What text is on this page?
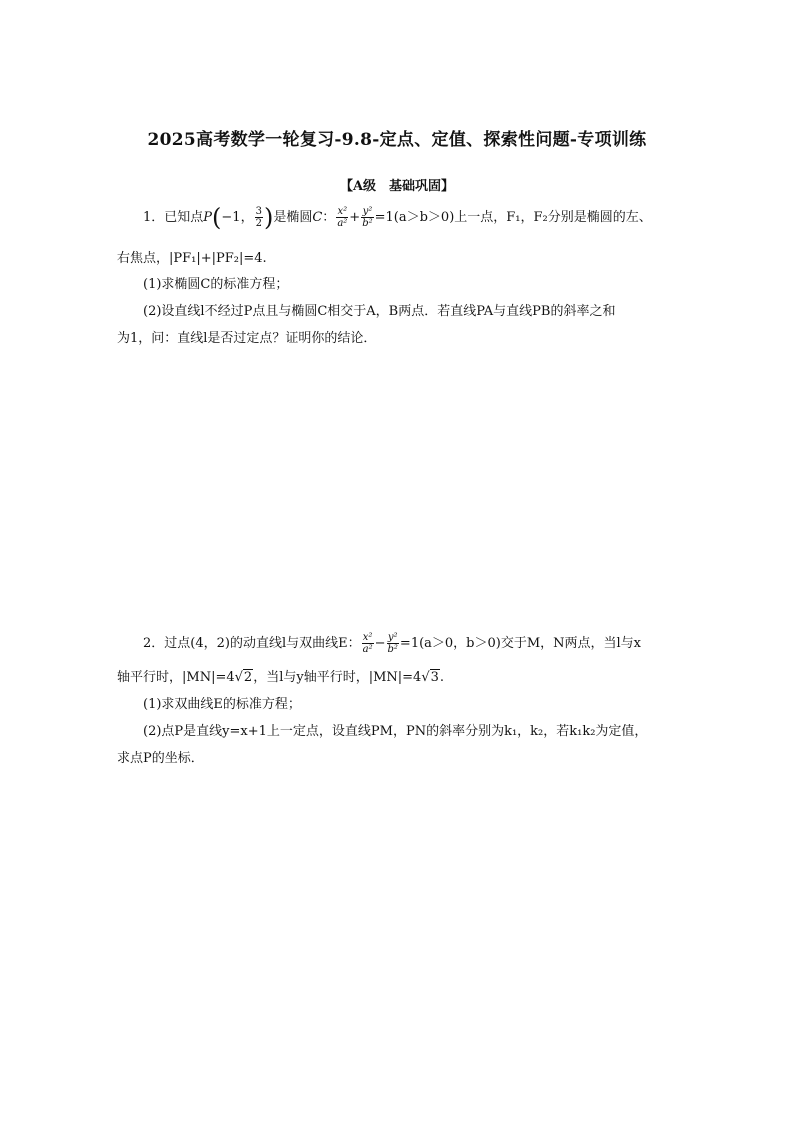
2025高考数学一轮复习-9.8-定点、定值、探索性问题-专项训练
【A级　基础巩固】
1．已知点P(−1， $\frac{3}{2}$ )是椭圆C： $\frac{\text{x²}}{\text{a²}} + \frac{\text{y²}}{\text{b²}} =1(a>b>0)$上一点，F₁，F₂分别是椭圆的左、
右焦点，|PF₁|+|PF₂|=4.
(1)求椭圆C的标准方程；
(2)设直线l不经过P点且与椭圆C相交于A，B两点．若直线PA与直线PB的斜率之和
为1，问：直线l是否过定点？证明你的结论．
2．过点(4，2)的动直线l与双曲线E： $\frac{\text{x²}}{\text{a²}} - \frac{\text{y²}}{\text{b²}} =1(a>0$，b＞0)交于M，N两点，当l与x
轴平行时，|MN|=4√2，当l与y轴平行时，|MN|=4√3.
(1)求双曲线E的标准方程；
(2)点P是直线y=x+1上一定点，设直线PM，PN的斜率分别为k₁，k₂，若k₁k₂为定值，
求点P的坐标．
